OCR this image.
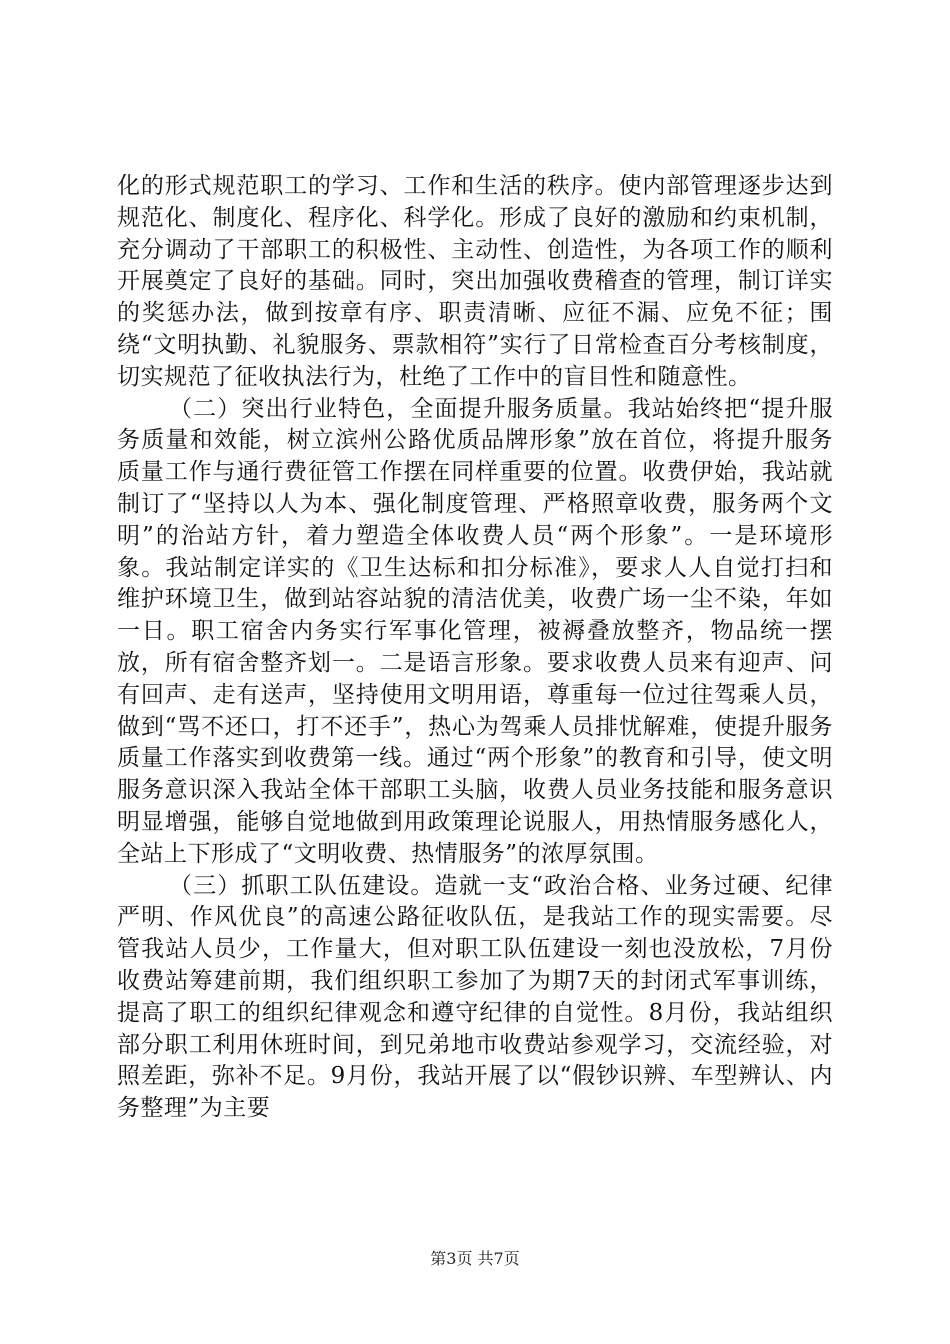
化的形式规范职工的学习、工作和生活的秩序。使内部管理逐步达到规范化、制度化、程序化、科学化。形成了良好的激励和约束机制，充分调动了干部职工的积极性、主动性、创造性，为各项工作的顺利开展奠定了良好的基础。同时，突出加强收费稽查的管理，制订详实的奖惩办法，做到按章有序、职责清晰、应征不漏、应免不征；围绕“文明执勤、礼貌服务、票款相符”实行了日常检查百分考核制度，切实规范了征收执法行为，杜绝了工作中的盲目性和随意性。

（二）突出行业特色，全面提升服务质量。我站始终把“提升服务质量和效能，树立滨州公路优质品牌形象”放在首位，将提升服务质量工作与通行费征管工作摆在同样重要的位置。收费伊始，我站就制订了“坚持以人为本、强化制度管理、严格照章收费，服务两个文明”的治站方针，着力塑造全体收费人员“两个形象”。一是环境形象。我站制定详实的《卫生达标和扣分标准》，要求人人自觉打扫和维护环境卫生，做到站容站貌的清洁优美，收费广场一尘不染，年如一日。职工宿舍内务实行军事化管理，被褥叠放整齐，物品统一摆放，所有宿舍整齐划一。二是语言形象。要求收费人员来有迎声、问有回声、走有送声，坚持使用文明用语，尊重每一位过往驾乘人员，做到“骂不还口，打不还手”，热心为驾乘人员排忧解难，使提升服务质量工作落实到收费第一线。通过“两个形象”的教育和引导，使文明服务意识深入我站全体干部职工头脑，收费人员业务技能和服务意识明显增强，能够自觉地做到用政策理论说服人，用热情服务感化人，全站上下形成了“文明收费、热情服务”的浓厚氛围。

（三）抓职工队伍建设。造就一支“政治合格、业务过硬、纪律严明、作风优良”的高速公路征收队伍，是我站工作的现实需要。尽管我站人员少，工作量大，但对职工队伍建设一刻也没放松，7月份收费站筹建前期，我们组织职工参加了为期7天的封闭式军事训练，提高了职工的组织纪律观念和遵守纪律的自觉性。8月份，我站组织部分职工利用休班时间，到兄弟地市收费站参观学习，交流经验，对照差距，弥补不足。9月份，我站开展了以“假钞识辨、车型辨认、内务整理”为主要

第3页 共7页
